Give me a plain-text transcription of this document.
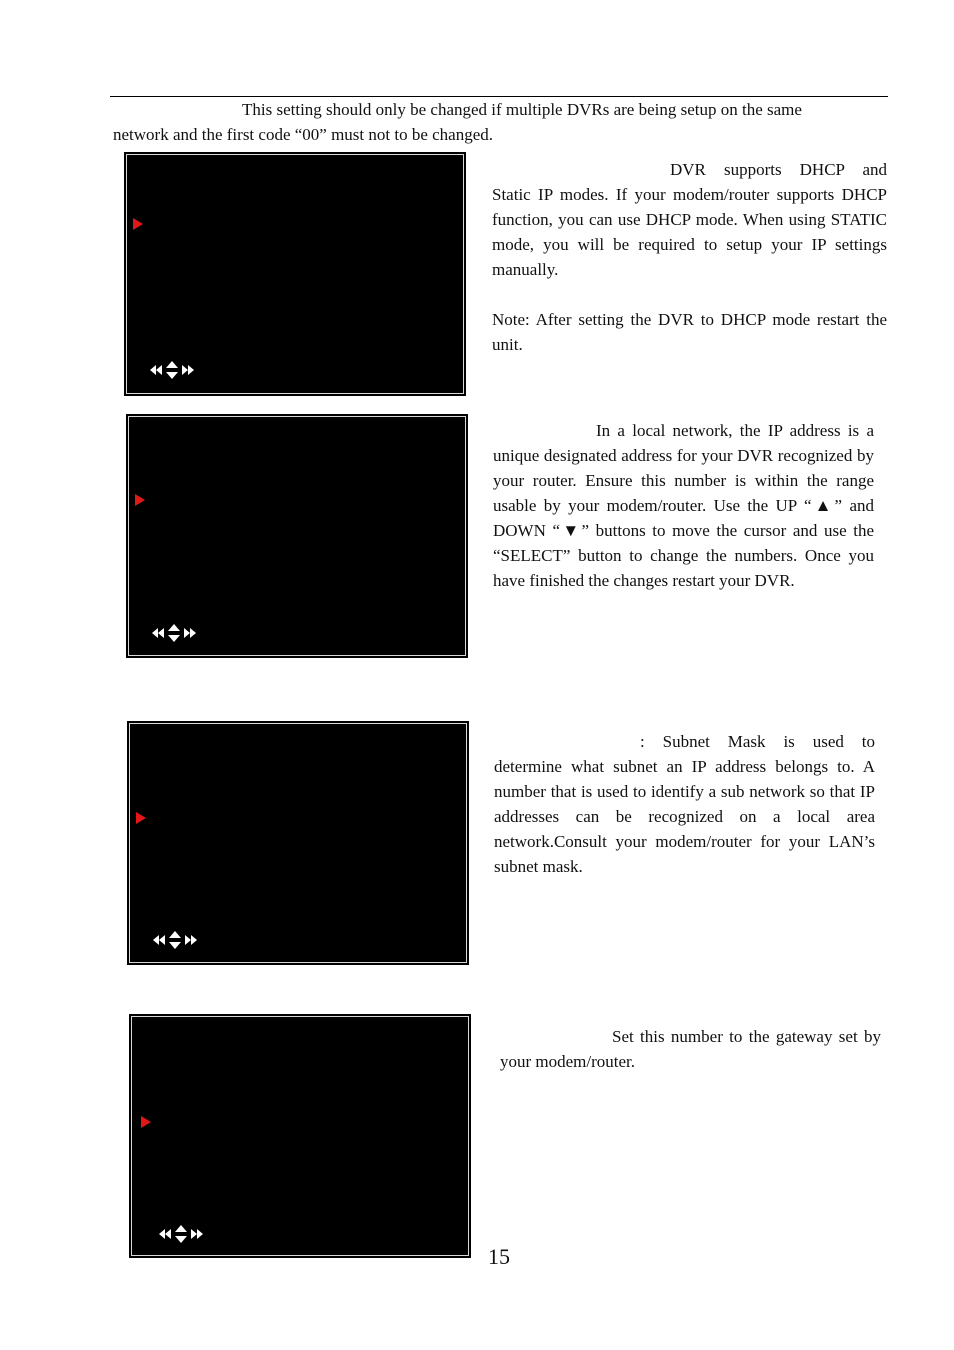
This setting should only be changed if multiple DVRs are being setup on the same
network and the first code “00” must not to be changed.

DVR supports DHCP and Static IP modes. If your modem/router supports DHCP function, you can use DHCP mode. When using STATIC mode, you will be required to setup your IP settings manually.

Note: After setting the DVR to DHCP mode restart the unit.

In a local network, the IP address is a unique designated address for your DVR recognized by your router. Ensure this number is within the range usable by your modem/router. Use the UP “▲” and DOWN “▼” buttons to move the cursor and use the “SELECT” button to change the numbers. Once you have finished the changes restart your DVR.

: Subnet Mask is used to determine what subnet an IP address belongs to. A number that is used to identify a sub network so that IP addresses can be recognized on a local area network.Consult your modem/router for your LAN’s subnet mask.

Set this number to the gateway set by your modem/router.

15
